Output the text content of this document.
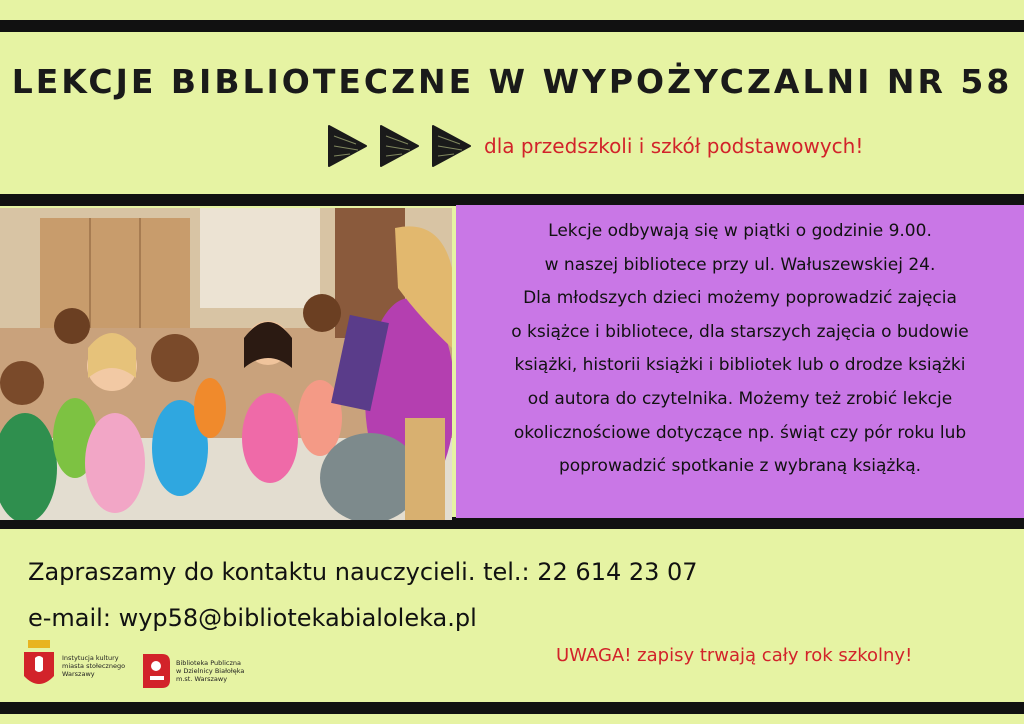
LEKCJE BIBLIOTECZNE W WYPOŻYCZALNI NR 58

dla przedszkoli i szkół podstawowych!

Lekcje odbywają się w piątki o godzinie 9.00.

w naszej bibliotece przy ul. Wałuszewskiej 24.

Dla młodszych dzieci możemy poprowadzić zajęcia

o książce i bibliotece, dla starszych zajęcia o budowie

książki, historii książki i bibliotek lub o drodze książki

od autora do czytelnika. Możemy też zrobić lekcje

okolicznościowe dotyczące np. świąt czy pór roku lub

poprowadzić spotkanie z wybraną książką.

Zapraszamy do kontaktu nauczycieli. tel.: 22 614 23 07

e-mail: wyp58@bibliotekabialoleka.pl

UWAGA! zapisy trwają cały rok szkolny!

Instytucja kultury
miasta stołecznego
Warszawy
Biblioteka Publiczna
w Dzielnicy Białołęka
m.st. Warszawy
